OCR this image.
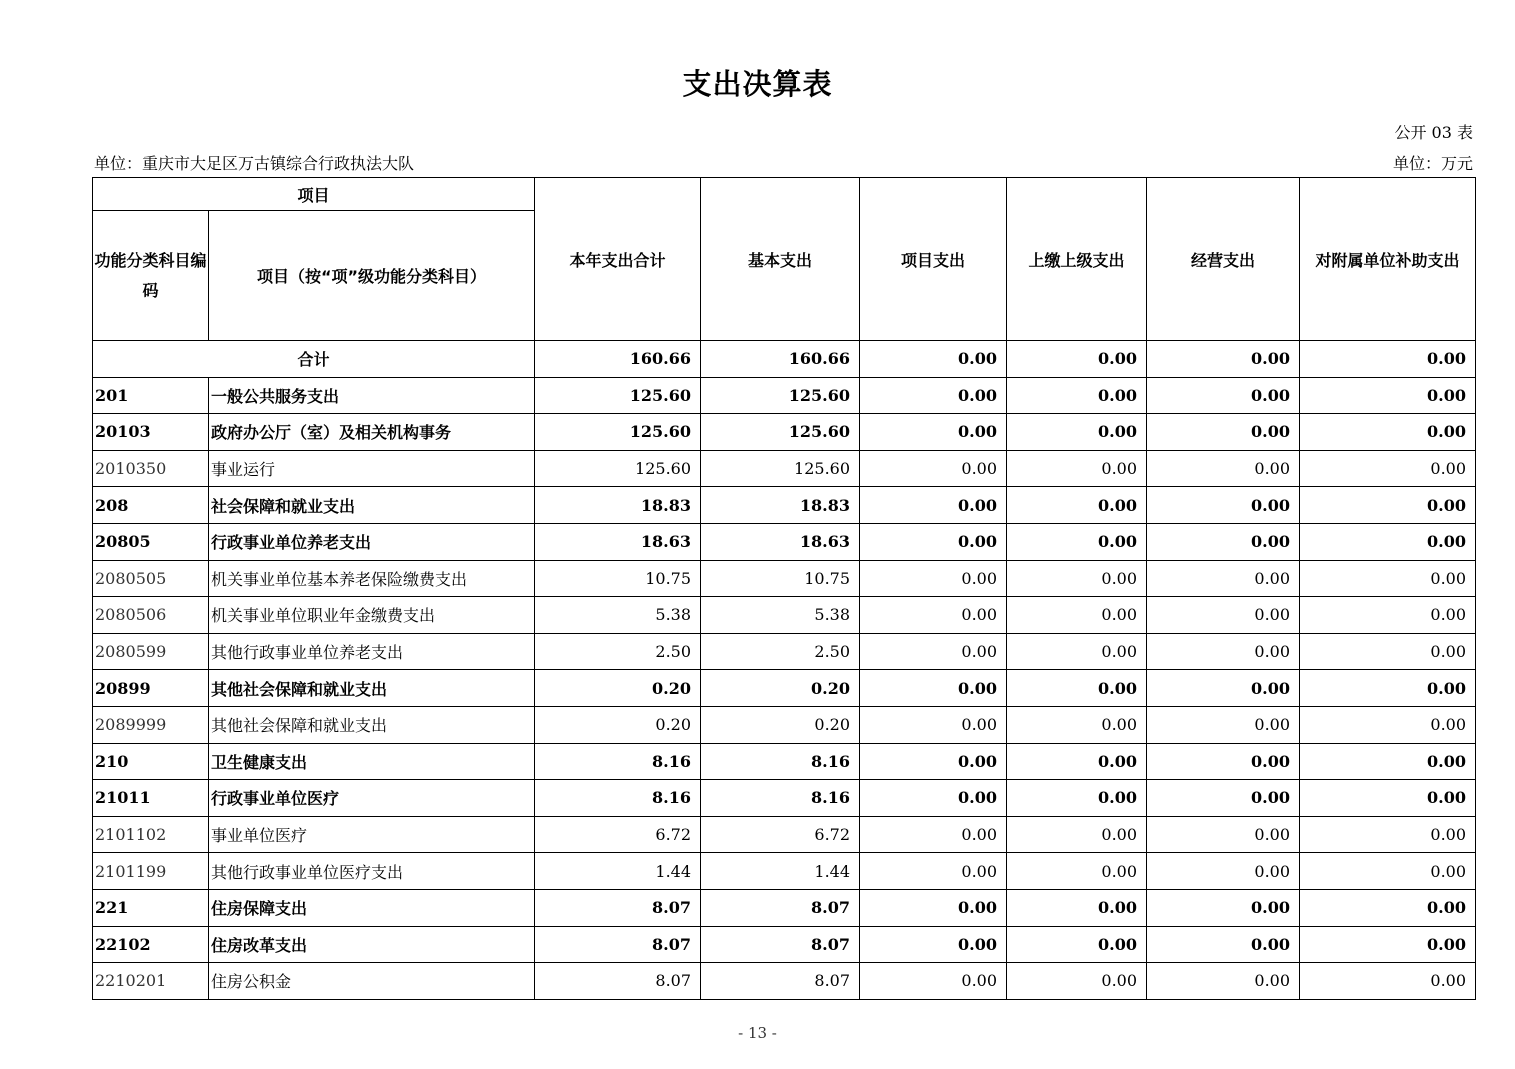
支出决算表
公开 03 表
单位：重庆市大足区万古镇综合行政执法大队	单位：万元
项目		本年支出合计	基本支出	项目支出	上缴上级支出	经营支出	对附属单位补助支出
功能分类科目编码	项目（按“项”级功能分类科目）						
合计		160.66	160.66	0.00	0.00	0.00	0.00
201	一般公共服务支出	125.60	125.60	0.00	0.00	0.00	0.00
20103	政府办公厅（室）及相关机构事务	125.60	125.60	0.00	0.00	0.00	0.00
2010350	事业运行	125.60	125.60	0.00	0.00	0.00	0.00
208	社会保障和就业支出	18.83	18.83	0.00	0.00	0.00	0.00
20805	行政事业单位养老支出	18.63	18.63	0.00	0.00	0.00	0.00
2080505	机关事业单位基本养老保险缴费支出	10.75	10.75	0.00	0.00	0.00	0.00
2080506	机关事业单位职业年金缴费支出	5.38	5.38	0.00	0.00	0.00	0.00
2080599	其他行政事业单位养老支出	2.50	2.50	0.00	0.00	0.00	0.00
20899	其他社会保障和就业支出	0.20	0.20	0.00	0.00	0.00	0.00
2089999	其他社会保障和就业支出	0.20	0.20	0.00	0.00	0.00	0.00
210	卫生健康支出	8.16	8.16	0.00	0.00	0.00	0.00
21011	行政事业单位医疗	8.16	8.16	0.00	0.00	0.00	0.00
2101102	事业单位医疗	6.72	6.72	0.00	0.00	0.00	0.00
2101199	其他行政事业单位医疗支出	1.44	1.44	0.00	0.00	0.00	0.00
221	住房保障支出	8.07	8.07	0.00	0.00	0.00	0.00
22102	住房改革支出	8.07	8.07	0.00	0.00	0.00	0.00
2210201	住房公积金	8.07	8.07	0.00	0.00	0.00	0.00
- 13 -
